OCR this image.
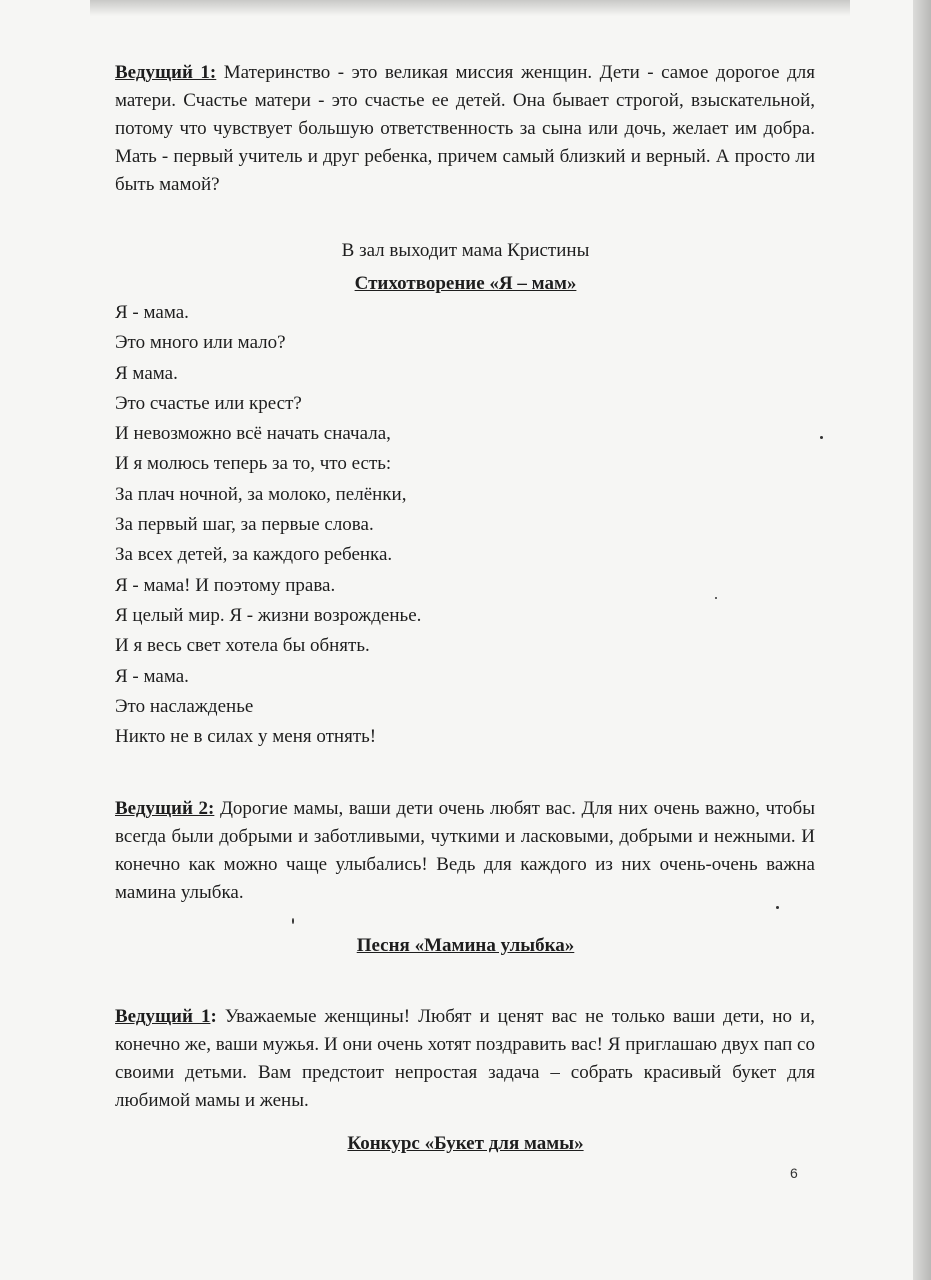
Ведущий 1: Материнство - это великая миссия женщин. Дети - самое дорогое для матери. Счастье матери - это счастье ее детей. Она бывает строгой, взыскательной, потому что чувствует большую ответственность за сына или дочь, желает им добра. Мать - первый учитель и друг ребенка, причем самый близкий и верный. А просто ли быть мамой?
В зал выходит мама Кристины
Стихотворение «Я – мам»
Я - мама.
Это много или мало?
Я мама.
Это счастье или крест?
И невозможно всё начать сначала,
И я молюсь теперь за то, что есть:
За плач ночной, за молоко, пелёнки,
За первый шаг, за первые слова.
За всех детей, за каждого ребенка.
Я - мама! И поэтому права.
Я целый мир. Я - жизни возрожденье.
И я весь свет хотела бы обнять.
Я - мама.
Это наслажденье
Никто не в силах у меня отнять!
Ведущий 2: Дорогие мамы, ваши дети очень любят вас. Для них очень важно, чтобы всегда были добрыми и заботливыми, чуткими и ласковыми, добрыми и нежными. И конечно как можно чаще улыбались! Ведь для каждого из них очень-очень важна мамина улыбка.
Песня «Мамина улыбка»
Ведущий 1: Уважаемые женщины! Любят и ценят вас не только ваши дети, но и, конечно же, ваши мужья. И они очень хотят поздравить вас! Я приглашаю двух пап со своими детьми. Вам предстоит непростая задача – собрать красивый букет для любимой мамы и жены.
Конкурс «Букет для мамы»
6
